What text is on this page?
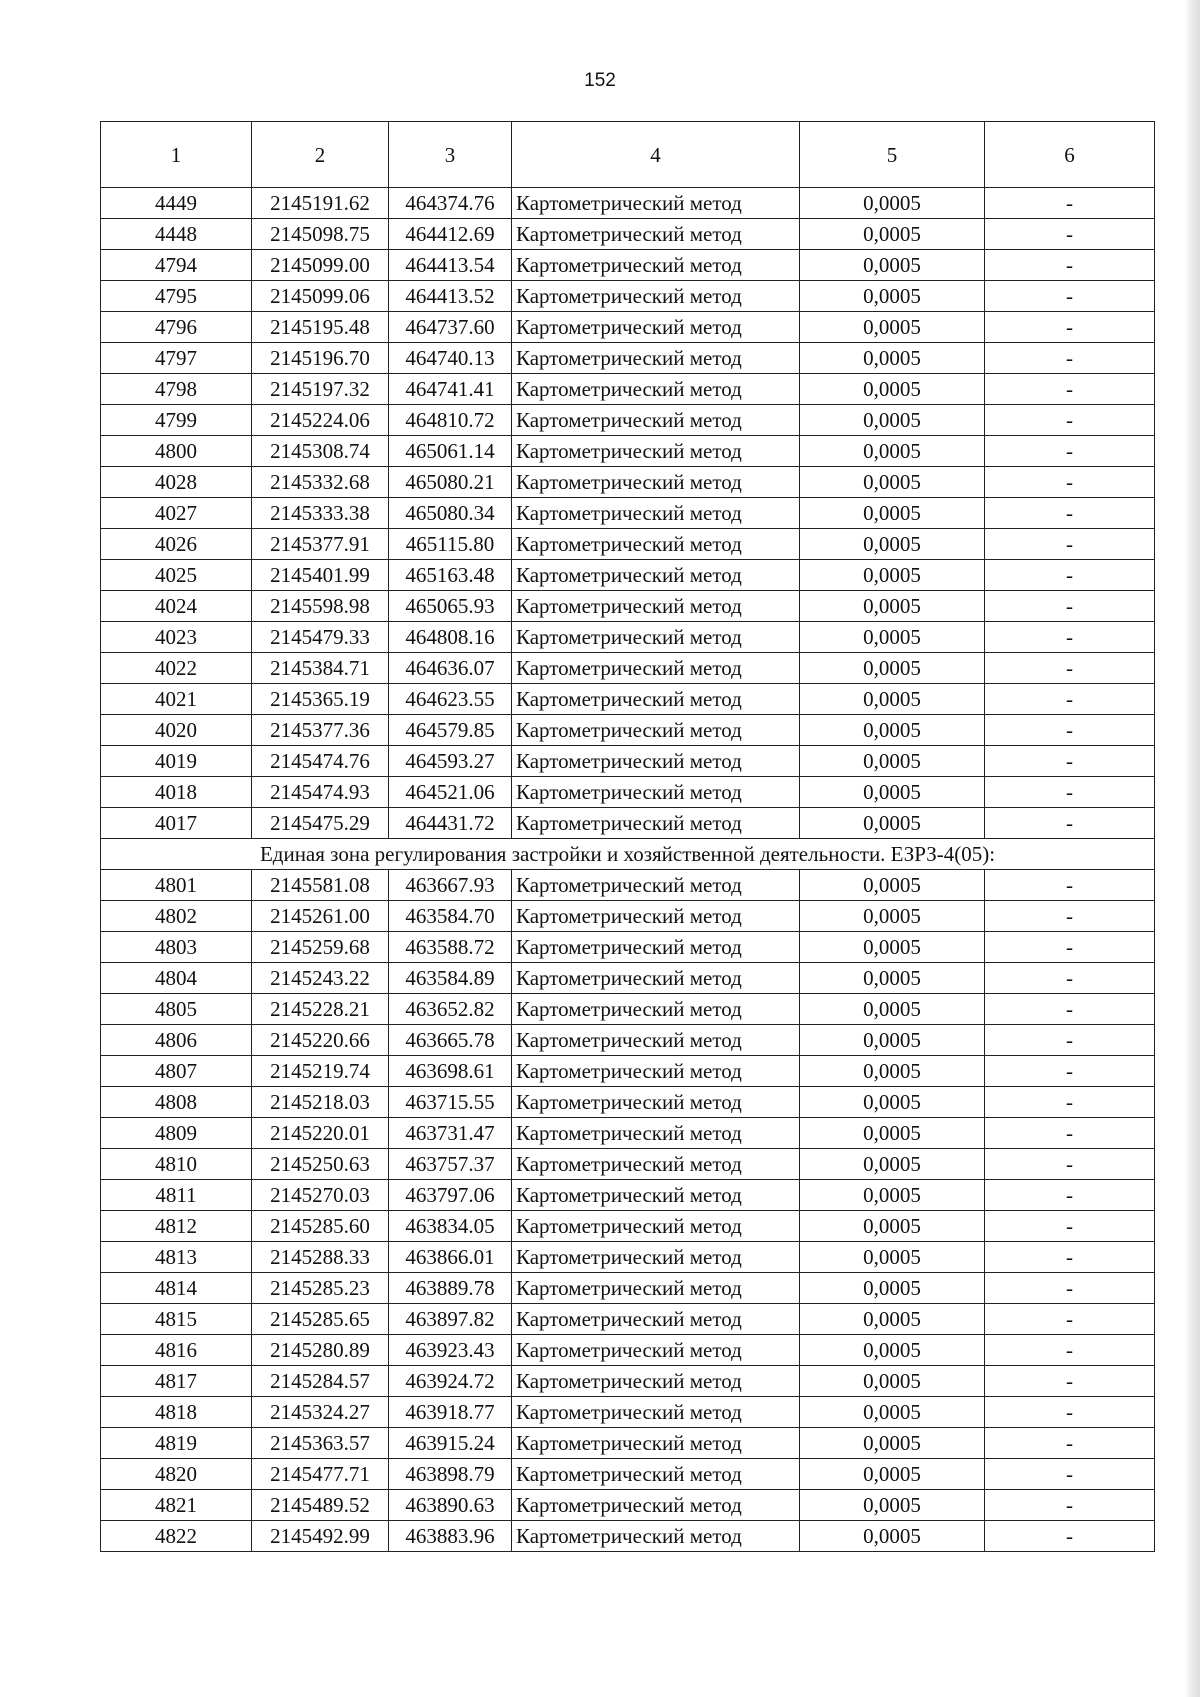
152
1	2	3	4	5	6
4449	2145191.62	464374.76	Картометрический метод	0,0005	-
4448	2145098.75	464412.69	Картометрический метод	0,0005	-
4794	2145099.00	464413.54	Картометрический метод	0,0005	-
4795	2145099.06	464413.52	Картометрический метод	0,0005	-
4796	2145195.48	464737.60	Картометрический метод	0,0005	-
4797	2145196.70	464740.13	Картометрический метод	0,0005	-
4798	2145197.32	464741.41	Картометрический метод	0,0005	-
4799	2145224.06	464810.72	Картометрический метод	0,0005	-
4800	2145308.74	465061.14	Картометрический метод	0,0005	-
4028	2145332.68	465080.21	Картометрический метод	0,0005	-
4027	2145333.38	465080.34	Картометрический метод	0,0005	-
4026	2145377.91	465115.80	Картометрический метод	0,0005	-
4025	2145401.99	465163.48	Картометрический метод	0,0005	-
4024	2145598.98	465065.93	Картометрический метод	0,0005	-
4023	2145479.33	464808.16	Картометрический метод	0,0005	-
4022	2145384.71	464636.07	Картометрический метод	0,0005	-
4021	2145365.19	464623.55	Картометрический метод	0,0005	-
4020	2145377.36	464579.85	Картометрический метод	0,0005	-
4019	2145474.76	464593.27	Картометрический метод	0,0005	-
4018	2145474.93	464521.06	Картометрический метод	0,0005	-
4017	2145475.29	464431.72	Картометрический метод	0,0005	-
Единая зона регулирования застройки и хозяйственной деятельности. ЕЗРЗ-4(05):					
4801	2145581.08	463667.93	Картометрический метод	0,0005	-
4802	2145261.00	463584.70	Картометрический метод	0,0005	-
4803	2145259.68	463588.72	Картометрический метод	0,0005	-
4804	2145243.22	463584.89	Картометрический метод	0,0005	-
4805	2145228.21	463652.82	Картометрический метод	0,0005	-
4806	2145220.66	463665.78	Картометрический метод	0,0005	-
4807	2145219.74	463698.61	Картометрический метод	0,0005	-
4808	2145218.03	463715.55	Картометрический метод	0,0005	-
4809	2145220.01	463731.47	Картометрический метод	0,0005	-
4810	2145250.63	463757.37	Картометрический метод	0,0005	-
4811	2145270.03	463797.06	Картометрический метод	0,0005	-
4812	2145285.60	463834.05	Картометрический метод	0,0005	-
4813	2145288.33	463866.01	Картометрический метод	0,0005	-
4814	2145285.23	463889.78	Картометрический метод	0,0005	-
4815	2145285.65	463897.82	Картометрический метод	0,0005	-
4816	2145280.89	463923.43	Картометрический метод	0,0005	-
4817	2145284.57	463924.72	Картометрический метод	0,0005	-
4818	2145324.27	463918.77	Картометрический метод	0,0005	-
4819	2145363.57	463915.24	Картометрический метод	0,0005	-
4820	2145477.71	463898.79	Картометрический метод	0,0005	-
4821	2145489.52	463890.63	Картометрический метод	0,0005	-
4822	2145492.99	463883.96	Картометрический метод	0,0005	-
